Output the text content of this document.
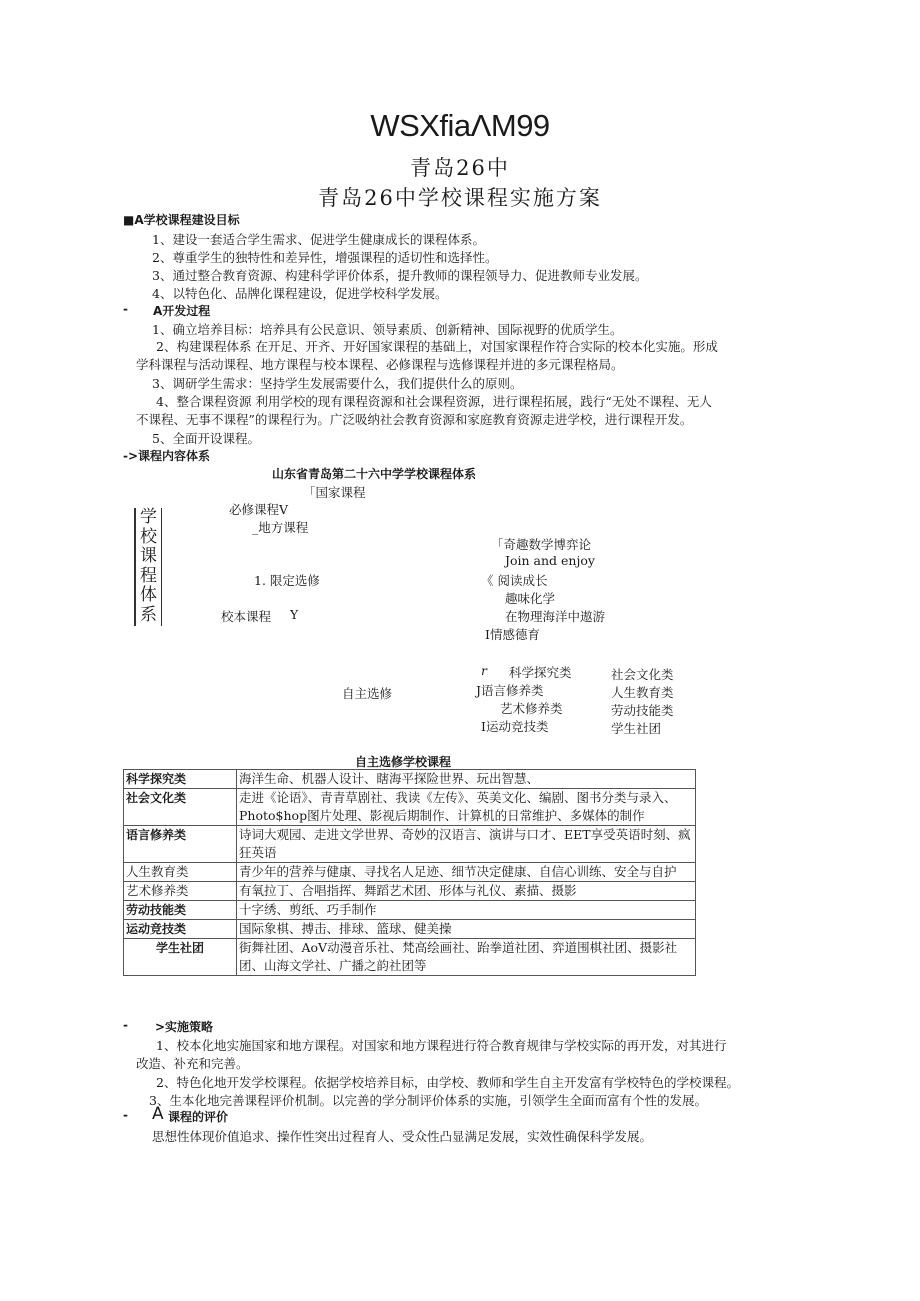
WSXfiaΛM99
青岛26中
青岛26中学校课程实施方案
■A学校课程建设目标
1、建设一套适合学生需求、促进学生健康成长的课程体系。
2、尊重学生的独特性和差异性，增强课程的适切性和选择性。
3、通过整合教育资源、构建科学评价体系，提升教师的课程领导力、促进教师专业发展。
4、以特色化、品牌化课程建设，促进学校科学发展。
- A开发过程
1、确立培养目标：培养具有公民意识、领导素质、创新精神、国际视野的优质学生。
2、构建课程体系 在开足、开齐、开好国家课程的基础上，对国家课程作符合实际的校本化实施。形成
学科课程与活动课程、地方课程与校本课程、必修课程与选修课程并进的多元课程格局。
3、调研学生需求：坚持学生发展需要什么，我们提供什么的原则。
4、整合课程资源 利用学校的现有课程资源和社会课程资源，进行课程拓展，践行“无处不课程、无人
不课程、无事不课程”的课程行为。广泛吸纳社会教育资源和家庭教育资源走进学校，进行课程开发。
5、全面开设课程。
->课程内容体系
山东省青岛第二十六中学学校课程体系
学
校
课
程
体
系
「国家课程
必修课程Ⅴ
_地方课程
1. 限定选修
校本课程 Y
「奇趣数学博弈论
Join and enjoy
《 阅读成长
趣味化学
在物理海洋中遨游
I情感德育
自主选修
r 科学探究类
J语言修养类
艺术修养类
I运动竞技类
社会文化类
人生教育类
劳动技能类
学生社团
自主选修学校课程
科学探究类	海洋生命、机器人设计、瞎海平探险世界、玩出智慧、
社会文化类	走进《论语》、青青草剧社、我读《左传》、英美文化、编剧、图书分类与录入、Photo$hop图片处理、影视后期制作、计算机的日常维护、多媒体的制作
语言修养类	诗词大观园、走进文学世界、奇妙的汉语言、演讲与口才、EET享受英语时刻、疯狂英语
人生教育类	青少年的营养与健康、寻找名人足迹、细节决定健康、自信心训练、安全与自护
艺术修养类	有氧拉丁、合唱指挥、舞蹈艺术团、形体与礼仪、素描、摄影
劳动技能类	十字绣、剪纸、巧手制作
运动竞技类	国际象棋、搏击、排球、篮球、健美操
学生社团	街舞社团、AoV动漫音乐社、梵高绘画社、跆拳道社团、弈道围棋社团、摄影社团、山海文学社、广播之韵社团等
- >实施策略
1、校本化地实施国家和地方课程。对国家和地方课程进行符合教育规律与学校实际的再开发，对其进行
改造、补充和完善。
2、特色化地开发学校课程。依据学校培养目标，由学校、教师和学生自主开发富有学校特色的学校课程。
3、生本化地完善课程评价机制。以完善的学分制评价体系的实施，引领学生全面而富有个性的发展。
- A 课程的评价
思想性体现价值追求、操作性突出过程育人、受众性凸显满足发展，实效性确保科学发展。
